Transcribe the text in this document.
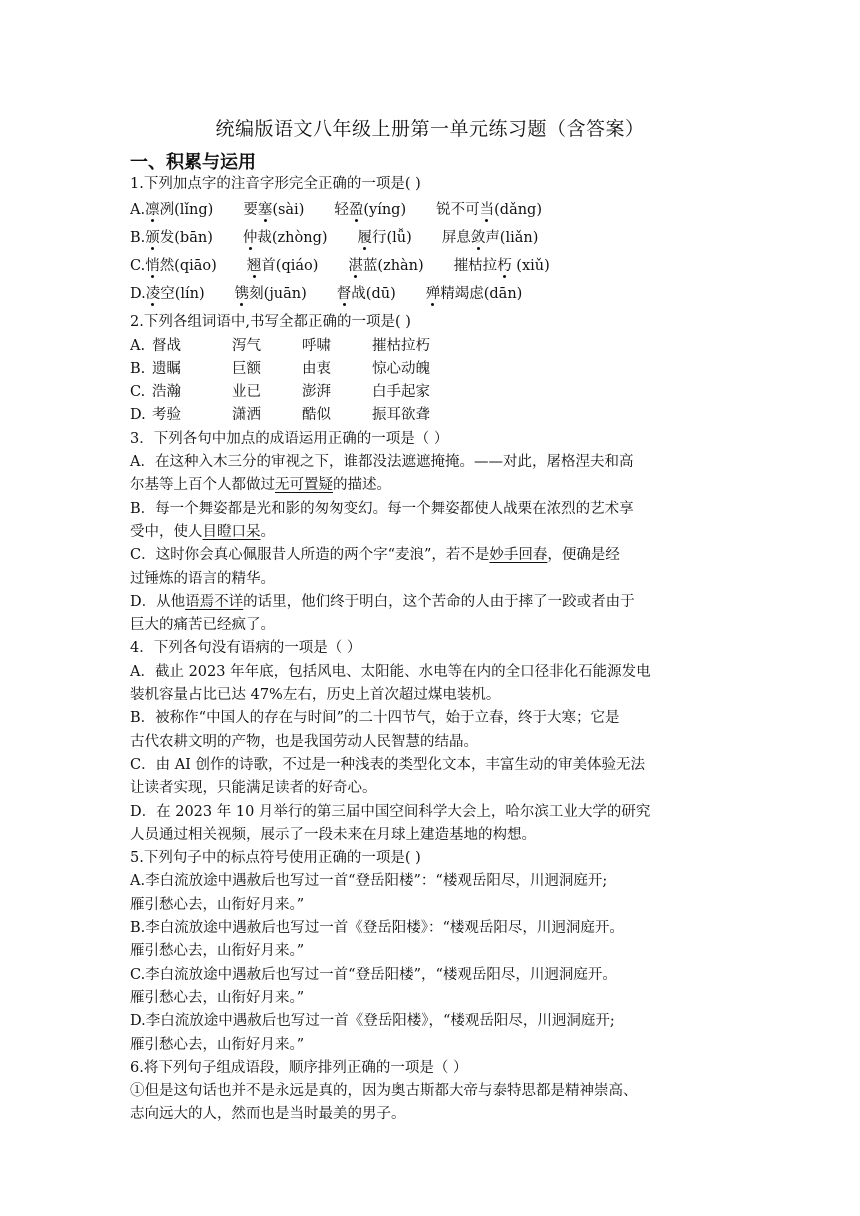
统编版语文八年级上册第一单元练习题（含答案）
一、积累与运用
1.下列加点字的注音字形完全正确的一项是( )
A.凛冽(lǐng) 要塞(sài) 轻盈(yíng) 锐不可当(dǎng)
B.颁发(bān) 仲裁(zhòng) 履行(lǚ) 屏息敛声(liǎn)
C.悄然(qiāo) 翘首(qiáo) 湛蓝(zhàn) 摧枯拉朽 (xiǔ)
D.凌空(lín) 镌刻(juān) 督战(dū) 殚精竭虑(dān)
2.下列各组词语中,书写全都正确的一项是( )
A. 督战	泻气	呼啸	摧枯拉朽
B. 遗瞩	巨额	由衷	惊心动魄
C. 浩瀚	业已	澎湃	白手起家
D. 考验	潇洒	酷似	振耳欲聋
3．下列各句中加点的成语运用正确的一项是（ ）
A．在这种入木三分的审视之下，谁都没法遮遮掩掩。——对此，屠格涅夫和高
尔基等上百个人都做过无可置疑的描述。
B．每一个舞姿都是光和影的匆匆变幻。每一个舞姿都使人战栗在浓烈的艺术享
受中，使人目瞪口呆。
C．这时你会真心佩服昔人所造的两个字“麦浪”，若不是妙手回春，便确是经
过锤炼的语言的精华。
D．从他语焉不详的话里，他们终于明白，这个苦命的人由于摔了一跤或者由于
巨大的痛苦已经疯了。
4．下列各句没有语病的一项是（ ）
A．截止 2023 年年底，包括风电、太阳能、水电等在内的全口径非化石能源发电
装机容量占比已达 47%左右，历史上首次超过煤电装机。
B．被称作“中国人的存在与时间”的二十四节气，始于立春，终于大寒；它是
古代农耕文明的产物，也是我国劳动人民智慧的结晶。
C．由 AI 创作的诗歌，不过是一种浅表的类型化文本，丰富生动的审美体验无法
让读者实现，只能满足读者的好奇心。
D．在 2023 年 10 月举行的第三届中国空间科学大会上，哈尔滨工业大学的研究
人员通过相关视频，展示了一段未来在月球上建造基地的构想。
5.下列句子中的标点符号使用正确的一项是( )
A.李白流放途中遇赦后也写过一首“登岳阳楼”：“楼观岳阳尽，川迥洞庭开;
雁引愁心去，山衔好月来。”
B.李白流放途中遇赦后也写过一首《登岳阳楼》：“楼观岳阳尽，川迥洞庭开。
雁引愁心去，山衔好月来。”
C.李白流放途中遇赦后也写过一首“登岳阳楼”，“楼观岳阳尽，川迥洞庭开。
雁引愁心去，山衔好月来。”
D.李白流放途中遇赦后也写过一首《登岳阳楼》，“楼观岳阳尽，川迥洞庭开;
雁引愁心去，山衔好月来。”
6.将下列句子组成语段，顺序排列正确的一项是（ ）
①但是这句话也并不是永远是真的，因为奥古斯都大帝与泰特思都是精神崇高、
志向远大的人，然而也是当时最美的男子。
